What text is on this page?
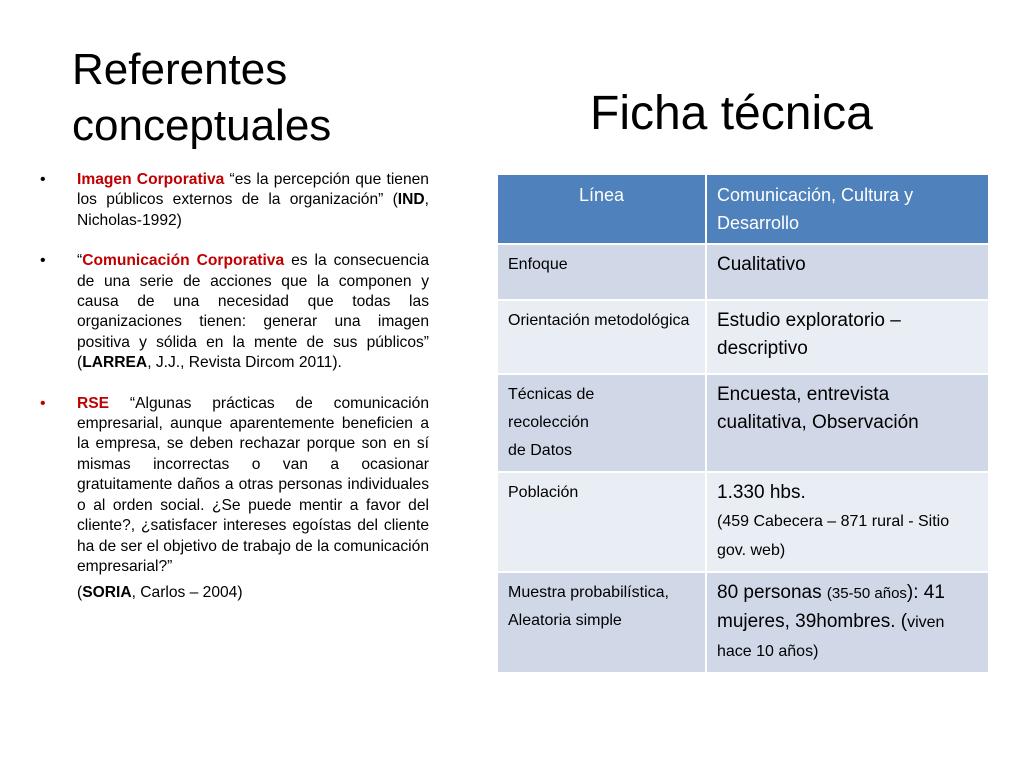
Referentes
conceptuales	Ficha técnica
• Imagen Corporativa “es la percepción que tienen los públicos externos de la organización” (IND, Nicholas-1992)
• “Comunicación Corporativa es la consecuencia de una serie de acciones que la componen y causa de una necesidad que todas las organizaciones tienen: generar una imagen positiva y sólida en la mente de sus públicos” (LARREA, J.J., Revista Dircom 2011).
• RSE “Algunas prácticas de comunicación empresarial, aunque aparentemente beneficien a la empresa, se deben rechazar porque son en sí mismas incorrectas o van a ocasionar gratuitamente daños a otras personas individuales o al orden social. ¿Se puede mentir a favor del cliente?, ¿satisfacer intereses egoístas del cliente ha de ser el objetivo de trabajo de la comunicación empresarial?”
(SORIA, Carlos – 2004)
Línea	Comunicación, Cultura y Desarrollo
Enfoque	Cualitativo
Orientación metodológica	Estudio exploratorio – descriptivo
Técnicas de
recolección
de Datos	Encuesta, entrevista cualitativa, Observación
Población	1.330 hbs.
(459 Cabecera – 871 rural - Sitio gov. web)
Muestra probabilística, Aleatoria simple	80 personas (35-50 años): 41 mujeres, 39hombres. (viven hace 10 años)
